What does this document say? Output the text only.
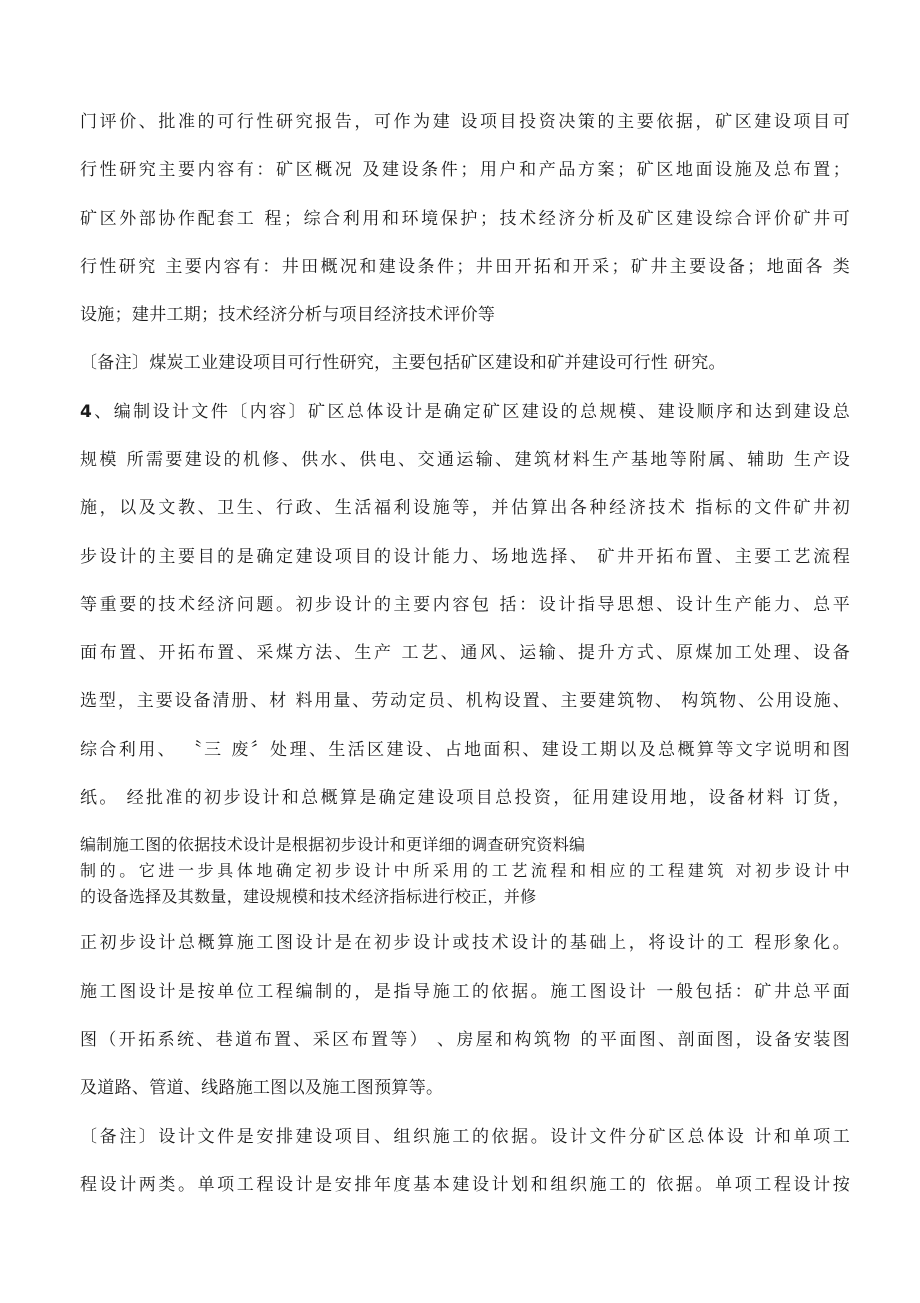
门评价、批准的可行性研究报告，可作为建 设项目投资决策的主要依据，矿区建设项目可
行性研究主要内容有：矿区概况 及建设条件；用户和产品方案；矿区地面设施及总布置；
矿区外部协作配套工 程；综合利用和环境保护；技术经济分析及矿区建设综合评价矿井可
行性研究 主要内容有：井田概况和建设条件；井田开拓和开采；矿井主要设备；地面各 类
设施；建井工期；技术经济分析与项目经济技术评价等
〔备注〕煤炭工业建设项目可行性研究，主要包括矿区建设和矿并建设可行性 研究。
4、编制设计文件〔内容〕矿区总体设计是确定矿区建设的总规模、建设顺序和达到建设总
规模 所需要建设的机修、供水、供电、交通运输、建筑材料生产基地等附属、辅助 生产设
施，以及文教、卫生、行政、生活福利设施等，并估算出各种经济技术 指标的文件矿井初
步设计的主要目的是确定建设项目的设计能力、场地选择、 矿井开拓布置、主要工艺流程
等重要的技术经济问题。初步设计的主要内容包 括：设计指导思想、设计生产能力、总平
面布置、开拓布置、采煤方法、生产 工艺、通风、运输、提升方式、原煤加工处理、设备
选型，主要设备清册、材 料用量、劳动定员、机构设置、主要建筑物、 构筑物、公用设施、
综合利用、 〝三 废〞处理、生活区建设、占地面积、建设工期以及总概算等文字说明和图
纸。 经批准的初步设计和总概算是确定建设项目总投资，征用建设用地，设备材料 订货，
编制施工图的依据技术设计是根据初步设计和更详细的调查研究资料编
制的。它进一步具体地确定初步设计中所采用的工艺流程和相应的工程建筑 对初步设计中
的设备选择及其数量，建设规模和技术经济指标进行校正，并修
正初步设计总概算施工图设计是在初步设计或技术设计的基础上，将设计的工 程形象化。
施工图设计是按单位工程编制的，是指导施工的依据。施工图设计 一般包括：矿井总平面
图（开拓系统、巷道布置、采区布置等） 、房屋和构筑物 的平面图、剖面图，设备安装图
及道路、管道、线路施工图以及施工图预算等。
〔备注〕设计文件是安排建设项目、组织施工的依据。设计文件分矿区总体设 计和单项工
程设计两类。单项工程设计是安排年度基本建设计划和组织施工的 依据。单项工程设计按
